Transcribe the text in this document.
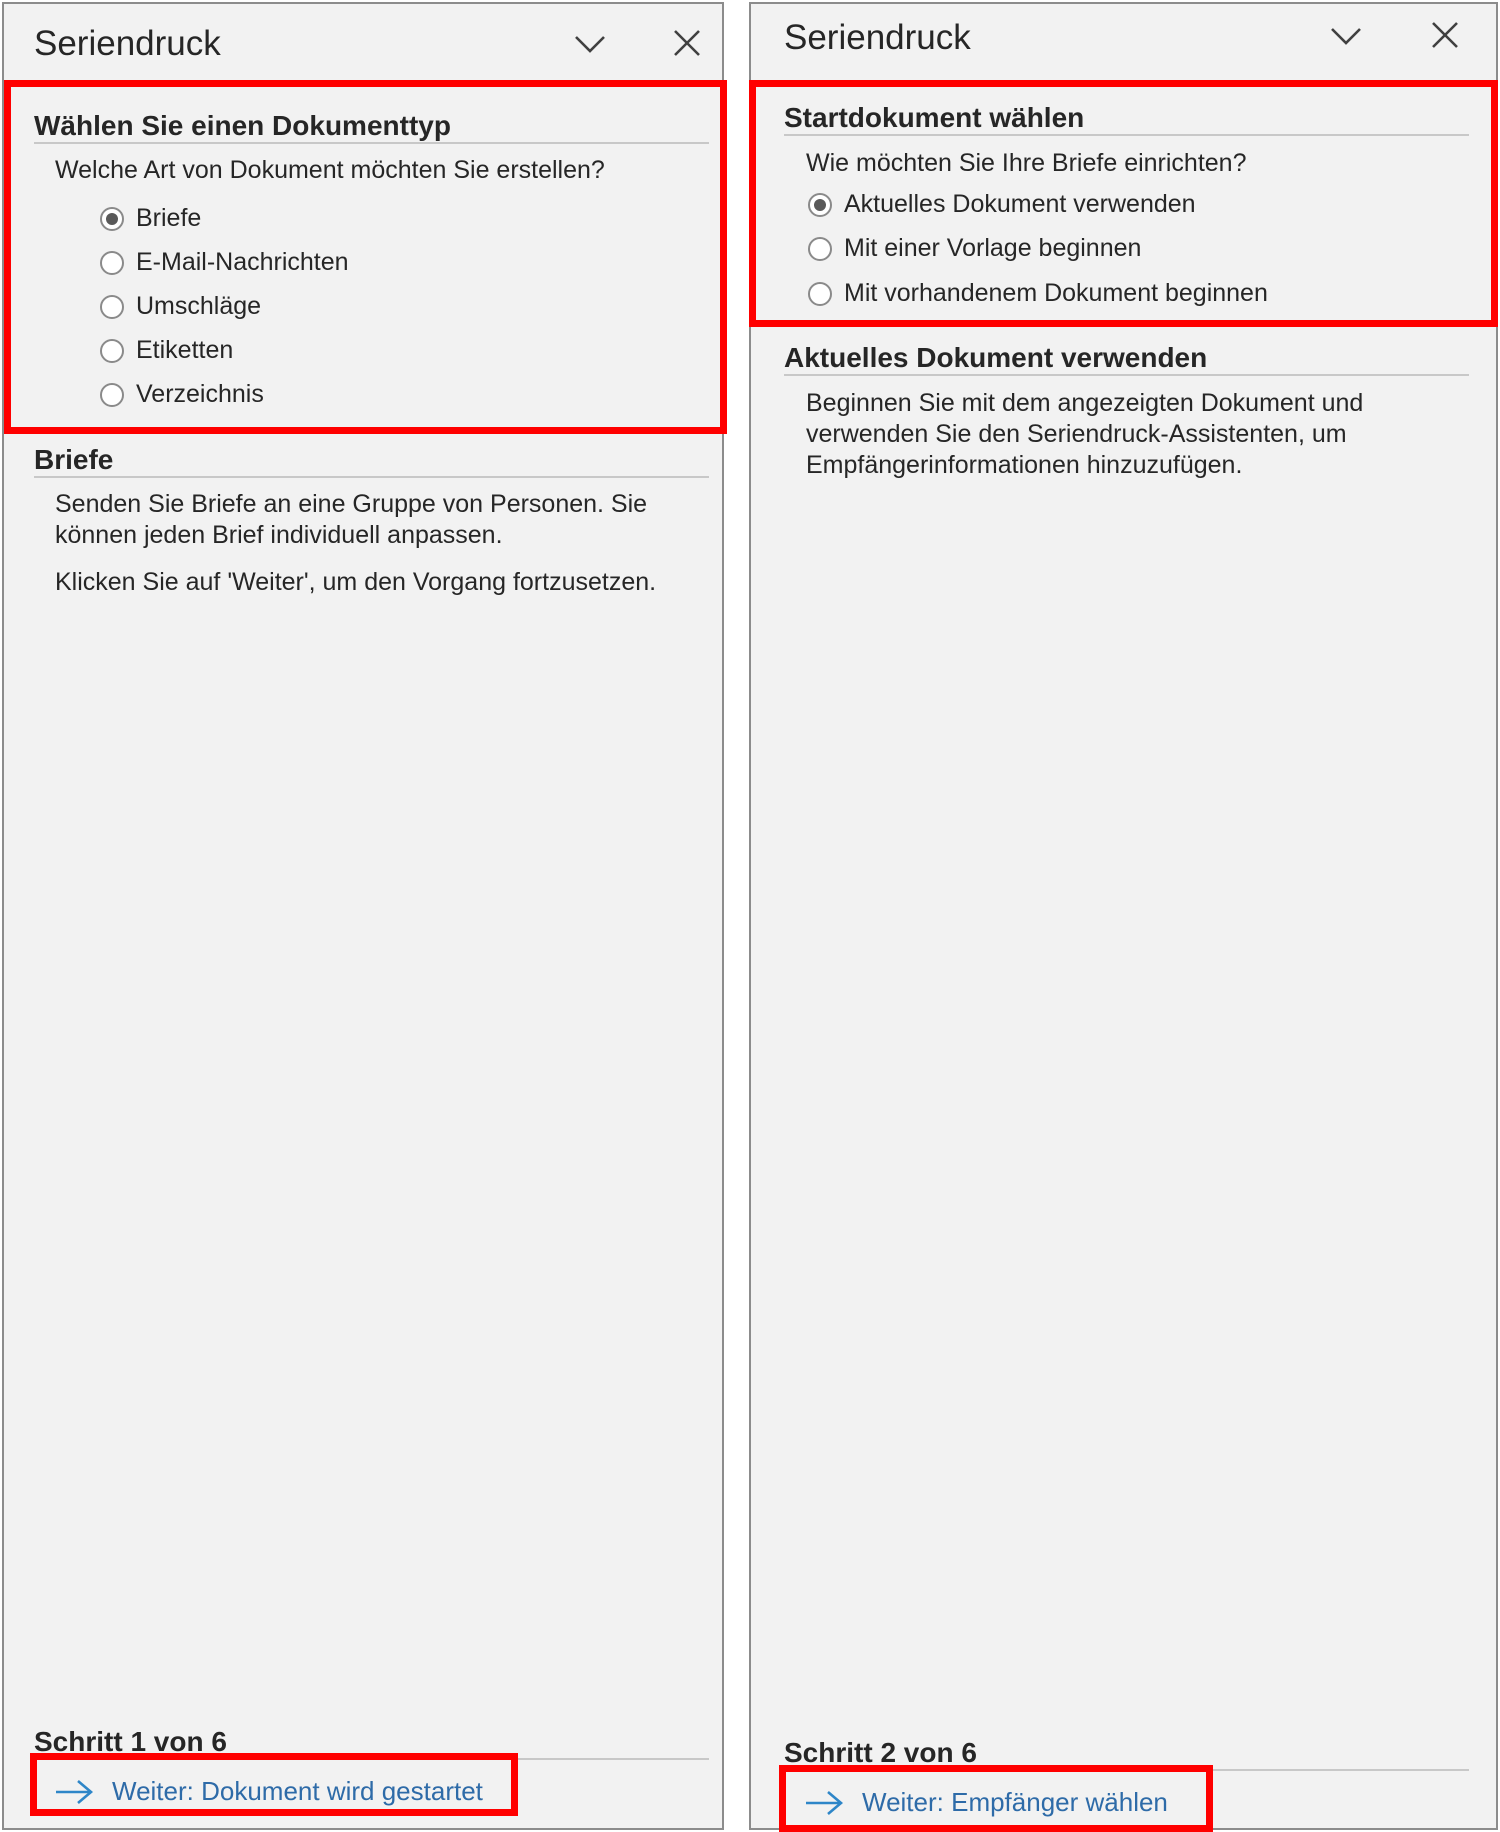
Seriendruck
Wählen Sie einen Dokumenttyp
Welche Art von Dokument möchten Sie erstellen?
Briefe
E-Mail-Nachrichten
Umschläge
Etiketten
Verzeichnis
Briefe
Senden Sie Briefe an eine Gruppe von Personen. Sie
können jeden Brief individuell anpassen.
Klicken Sie auf 'Weiter', um den Vorgang fortzusetzen.
Schritt 1 von 6
Weiter: Dokument wird gestartet
Seriendruck
Startdokument wählen
Wie möchten Sie Ihre Briefe einrichten?
Aktuelles Dokument verwenden
Mit einer Vorlage beginnen
Mit vorhandenem Dokument beginnen
Aktuelles Dokument verwenden
Beginnen Sie mit dem angezeigten Dokument und
verwenden Sie den Seriendruck-Assistenten, um
Empfängerinformationen hinzuzufügen.
Schritt 2 von 6
Weiter: Empfänger wählen
